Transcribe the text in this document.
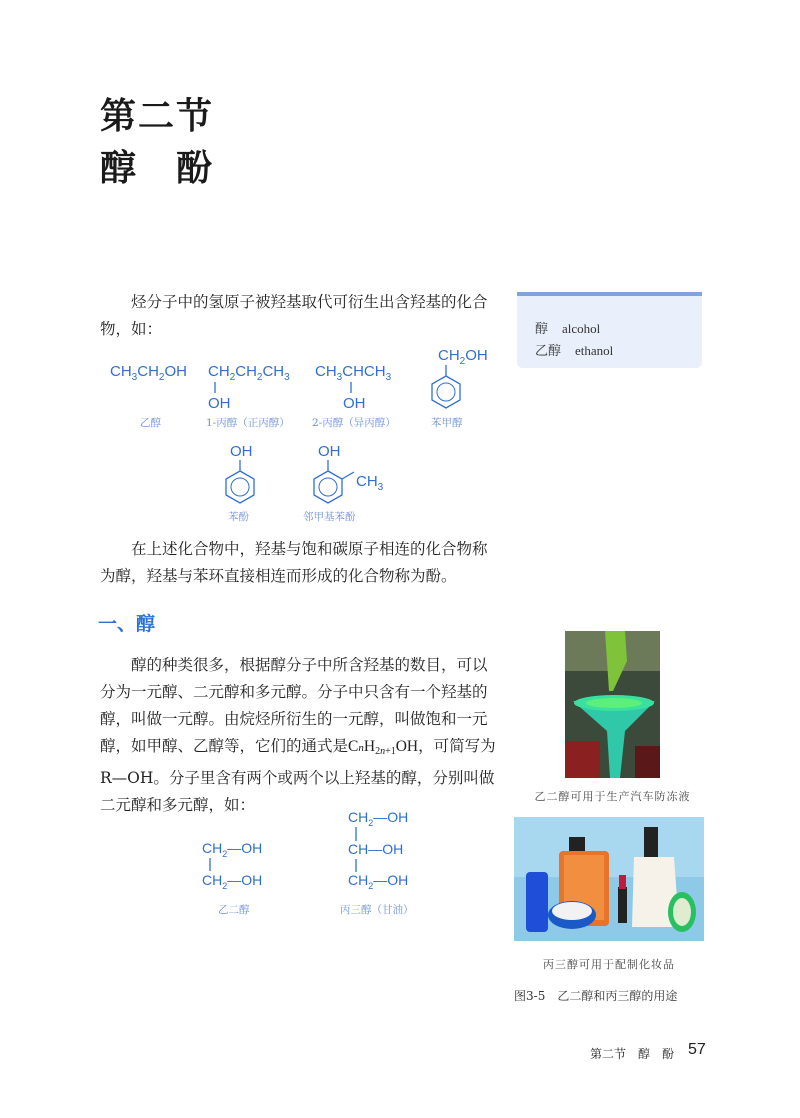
第二节
醇　酚
烃分子中的氢原子被羟基取代可衍生出含羟基的化合
物，如：	醇 alcohol
乙醇 ethanol
$CH_3CH_2OH$ $CH_2CH_2CH_3$
OH
$CH_3CHCH_3$
OH
$CH_2OH$
乙醇	1-丙醇（正丙醇） 2-丙醇（异丙醇）	苯甲醇
OH	OH
$CH_3$
苯酚	邻甲基苯酚
在上述化合物中，羟基与饱和碳原子相连的化合物称
为醇，羟基与苯环直接相连而形成的化合物称为酚。
一、醇
醇的种类很多，根据醇分子中所含羟基的数目，可以
分为一元醇、二元醇和多元醇。分子中只含有一个羟基的
醇，叫做一元醇。由烷烃所衍生的一元醇，叫做饱和一元
醇，如甲醇、乙醇等，它们的通式是CnH2n+1OH，可简写为
R—OH。分子里含有两个或两个以上羟基的醇，分别叫做
二元醇和多元醇，如：
$CH_2—OH$
$CH_2—OH$
$CH_2—OH$
CH—OH
$CH_2—OH$
乙二醇	丙三醇（甘油）
乙二醇可用于生产汽车防冻液
丙三醇可用于配制化妆品
图3-5　乙二醇和丙三醇的用途
第二节　醇　酚 57
